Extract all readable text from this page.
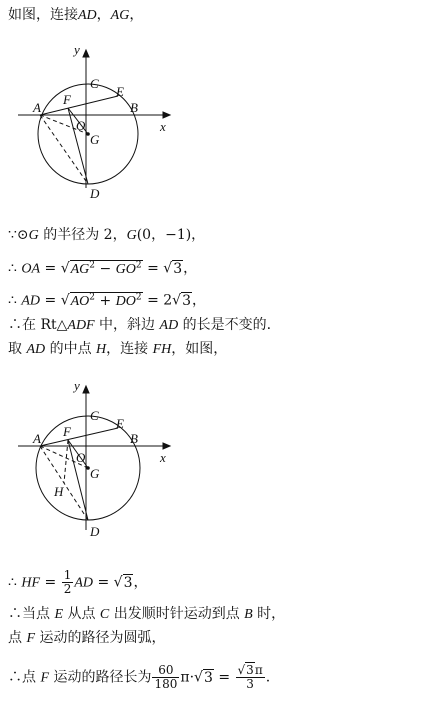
如图，连接AD，AG，
y
x
C
E
A
F
B
O
G
D
∵⊙G 的半径为 2，G(0，−1)，
∴ OA = $√AG^2 - GO^2 = √3$，
∴ AD = $√AO^2 + DO^2 = 2√3$，
∴在 Rt△ADF 中，斜边 AD 的长是不变的.
取 AD 的中点 H，连接 FH，如图，
y
x
C
E
A F	B
O
G
H
D
∴ HF = $\frac{1}{2}$ AD = √3，
∴当点 E 从点 C 出发顺时针运动到点 B 时，
点 F 运动的路径为圆弧，
∴点 F 运动的路径长为 $\frac{60}{180} \pi\cdot√3 = \frac{√3\pi}{3}$ .
